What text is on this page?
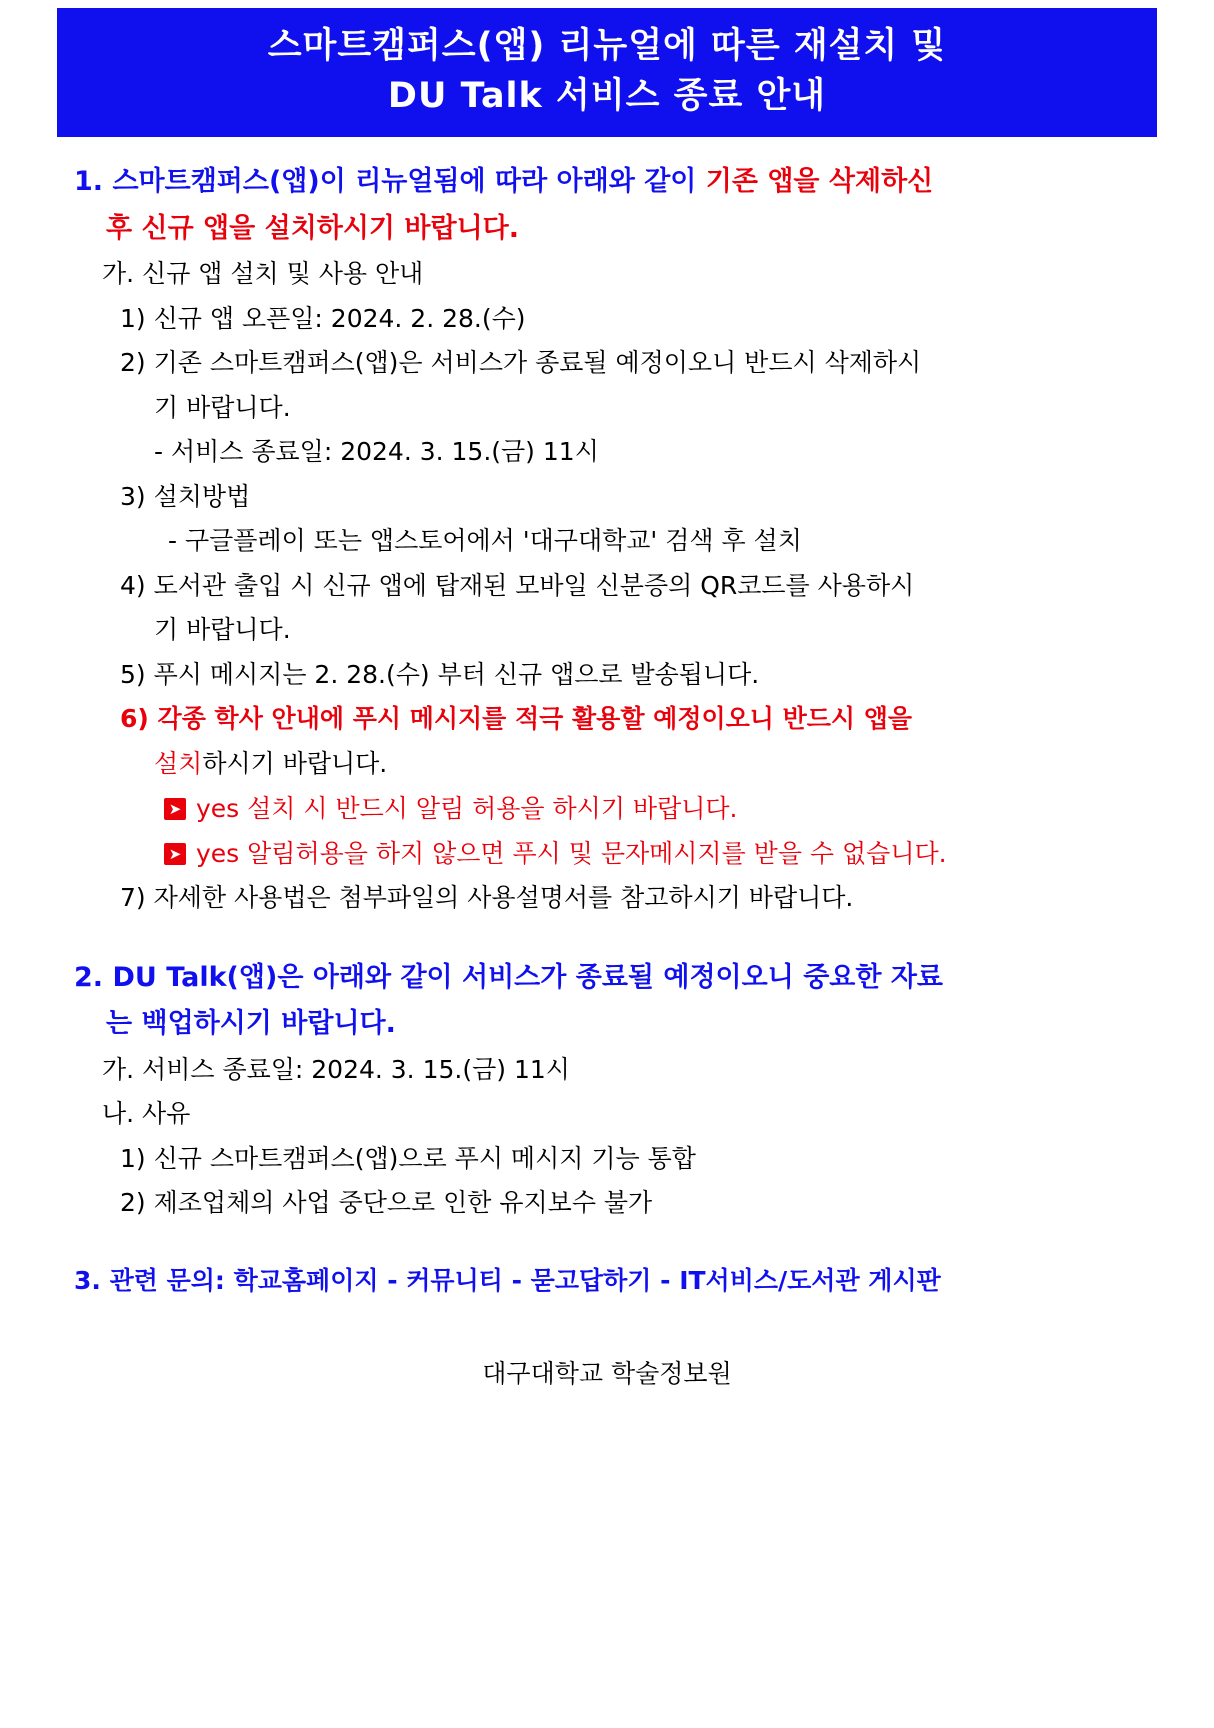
스마트캠퍼스(앱) 리뉴얼에 따른 재설치 및
DU Talk 서비스 종료 안내
1. 스마트캠퍼스(앱)이 리뉴얼됨에 따라 아래와 같이 기존 앱을 삭제하신
후 신규 앱을 설치하시기 바랍니다.
가. 신규 앱 설치 및 사용 안내
1) 신규 앱 오픈일: 2024. 2. 28.(수)
2) 기존 스마트캠퍼스(앱)은 서비스가 종료될 예정이오니 반드시 삭제하시
기 바랍니다.
- 서비스 종료일: 2024. 3. 15.(금) 11시
3) 설치방법
- 구글플레이 또는 앱스토어에서 '대구대학교' 검색 후 설치
4) 도서관 출입 시 신규 앱에 탑재된 모바일 신분증의 QR코드를 사용하시
기 바랍니다.
5) 푸시 메시지는 2. 28.(수) 부터 신규 앱으로 발송됩니다.
6) 각종 학사 안내에 푸시 메시지를 적극 활용할 예정이오니 반드시 앱을
설치하시기 바랍니다.
➤ yes 설치 시 반드시 알림 허용을 하시기 바랍니다.
➤ yes 알림허용을 하지 않으면 푸시 및 문자메시지를 받을 수 없습니다.
7) 자세한 사용법은 첨부파일의 사용설명서를 참고하시기 바랍니다.
2. DU Talk(앱)은 아래와 같이 서비스가 종료될 예정이오니 중요한 자료
는 백업하시기 바랍니다.
가. 서비스 종료일: 2024. 3. 15.(금) 11시
나. 사유
1) 신규 스마트캠퍼스(앱)으로 푸시 메시지 기능 통합
2) 제조업체의 사업 중단으로 인한 유지보수 불가
3. 관련 문의: 학교홈페이지 - 커뮤니티 - 묻고답하기 - IT서비스/도서관 게시판
대구대학교 학술정보원
